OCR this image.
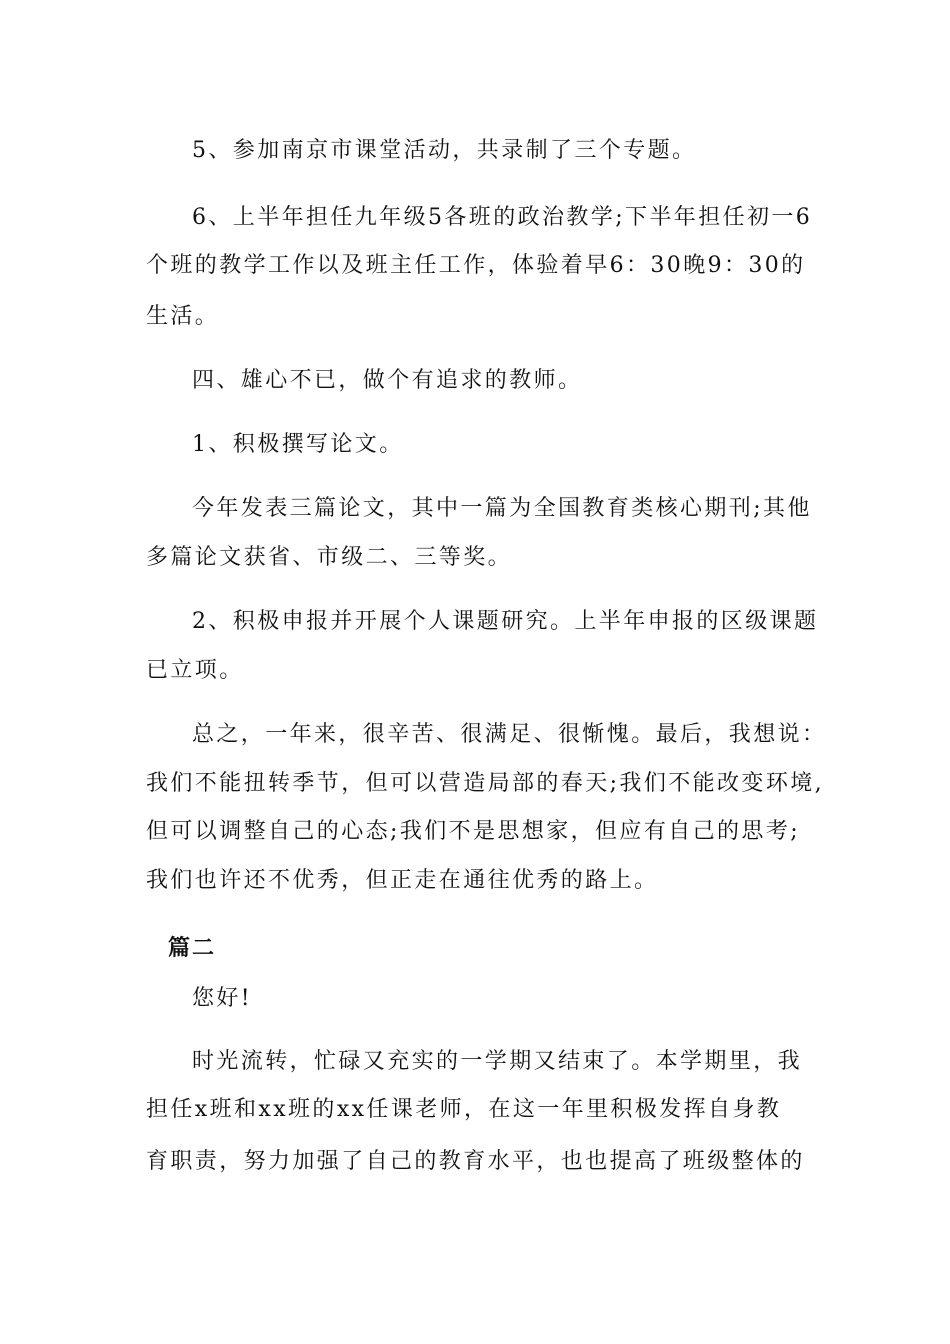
5、参加南京市课堂活动，共录制了三个专题。
6、上半年担任九年级5各班的政治教学;下半年担任初一6
个班的教学工作以及班主任工作，体验着早6：30晚9：30的
生活。
四、雄心不已，做个有追求的教师。
1、积极撰写论文。
今年发表三篇论文，其中一篇为全国教育类核心期刊;其他
多篇论文获省、市级二、三等奖。
2、积极申报并开展个人课题研究。上半年申报的区级课题
已立项。
总之，一年来，很辛苦、很满足、很惭愧。最后，我想说：
我们不能扭转季节，但可以营造局部的春天;我们不能改变环境,
但可以调整自己的心态;我们不是思想家，但应有自己的思考;
我们也许还不优秀，但正走在通往优秀的路上。
篇二
您好!
时光流转，忙碌又充实的一学期又结束了。本学期里，我
担任x班和xx班的xx任课老师，在这一年里积极发挥自身教
育职责，努力加强了自己的教育水平，也也提高了班级整体的
